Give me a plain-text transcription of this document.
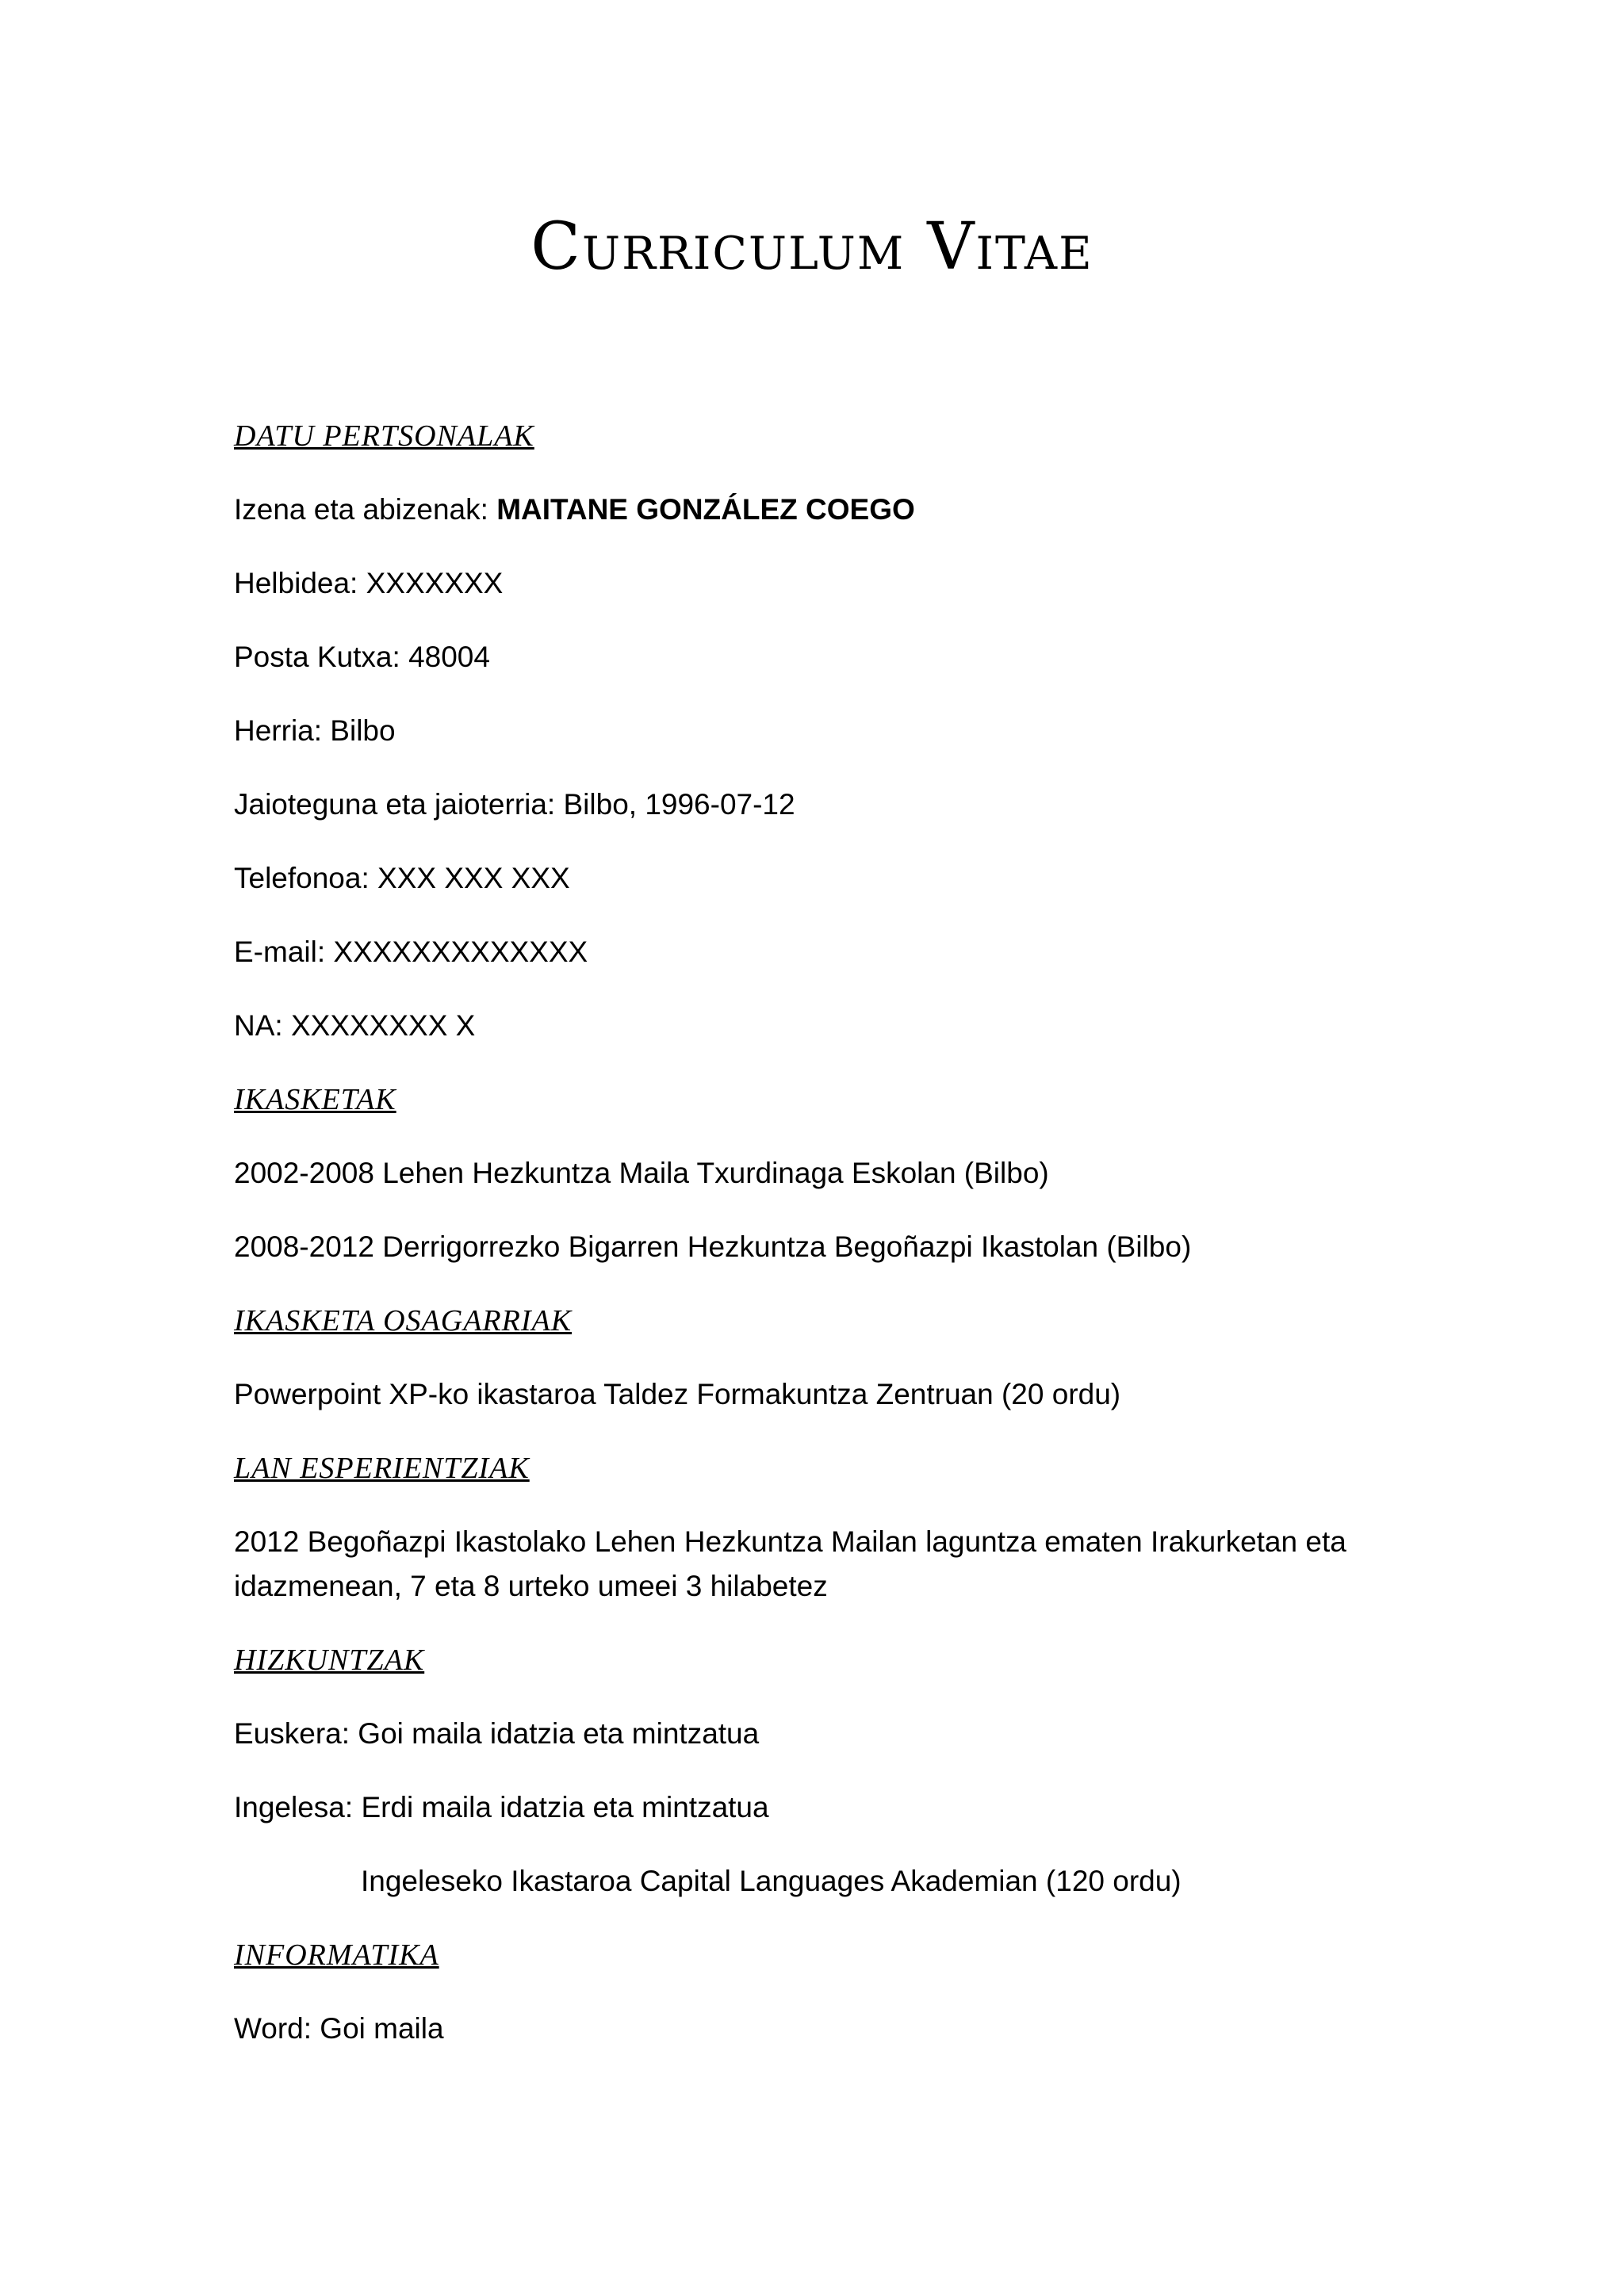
Curriculum Vitae
DATU PERTSONALAK
Izena eta abizenak: MAITANE GONZÁLEZ COEGO
Helbidea: XXXXXXX
Posta Kutxa: 48004
Herria: Bilbo
Jaioteguna eta jaioterria: Bilbo, 1996-07-12
Telefonoa: XXX XXX XXX
E-mail: XXXXXXXXXXXXX
NA: XXXXXXXX X
IKASKETAK
2002-2008 Lehen Hezkuntza Maila Txurdinaga Eskolan (Bilbo)
2008-2012 Derrigorrezko Bigarren Hezkuntza Begoñazpi Ikastolan (Bilbo)
IKASKETA OSAGARRIAK
Powerpoint XP-ko ikastaroa Taldez Formakuntza Zentruan (20 ordu)
LAN ESPERIENTZIAK
2012 Begoñazpi Ikastolako Lehen Hezkuntza Mailan laguntza ematen Irakurketan eta idazmenean, 7 eta 8 urteko umeei 3 hilabetez
HIZKUNTZAK
Euskera: Goi maila idatzia eta mintzatua
Ingelesa: Erdi maila idatzia eta mintzatua
Ingeleseko Ikastaroa Capital Languages Akademian (120 ordu)
INFORMATIKA
Word: Goi maila
